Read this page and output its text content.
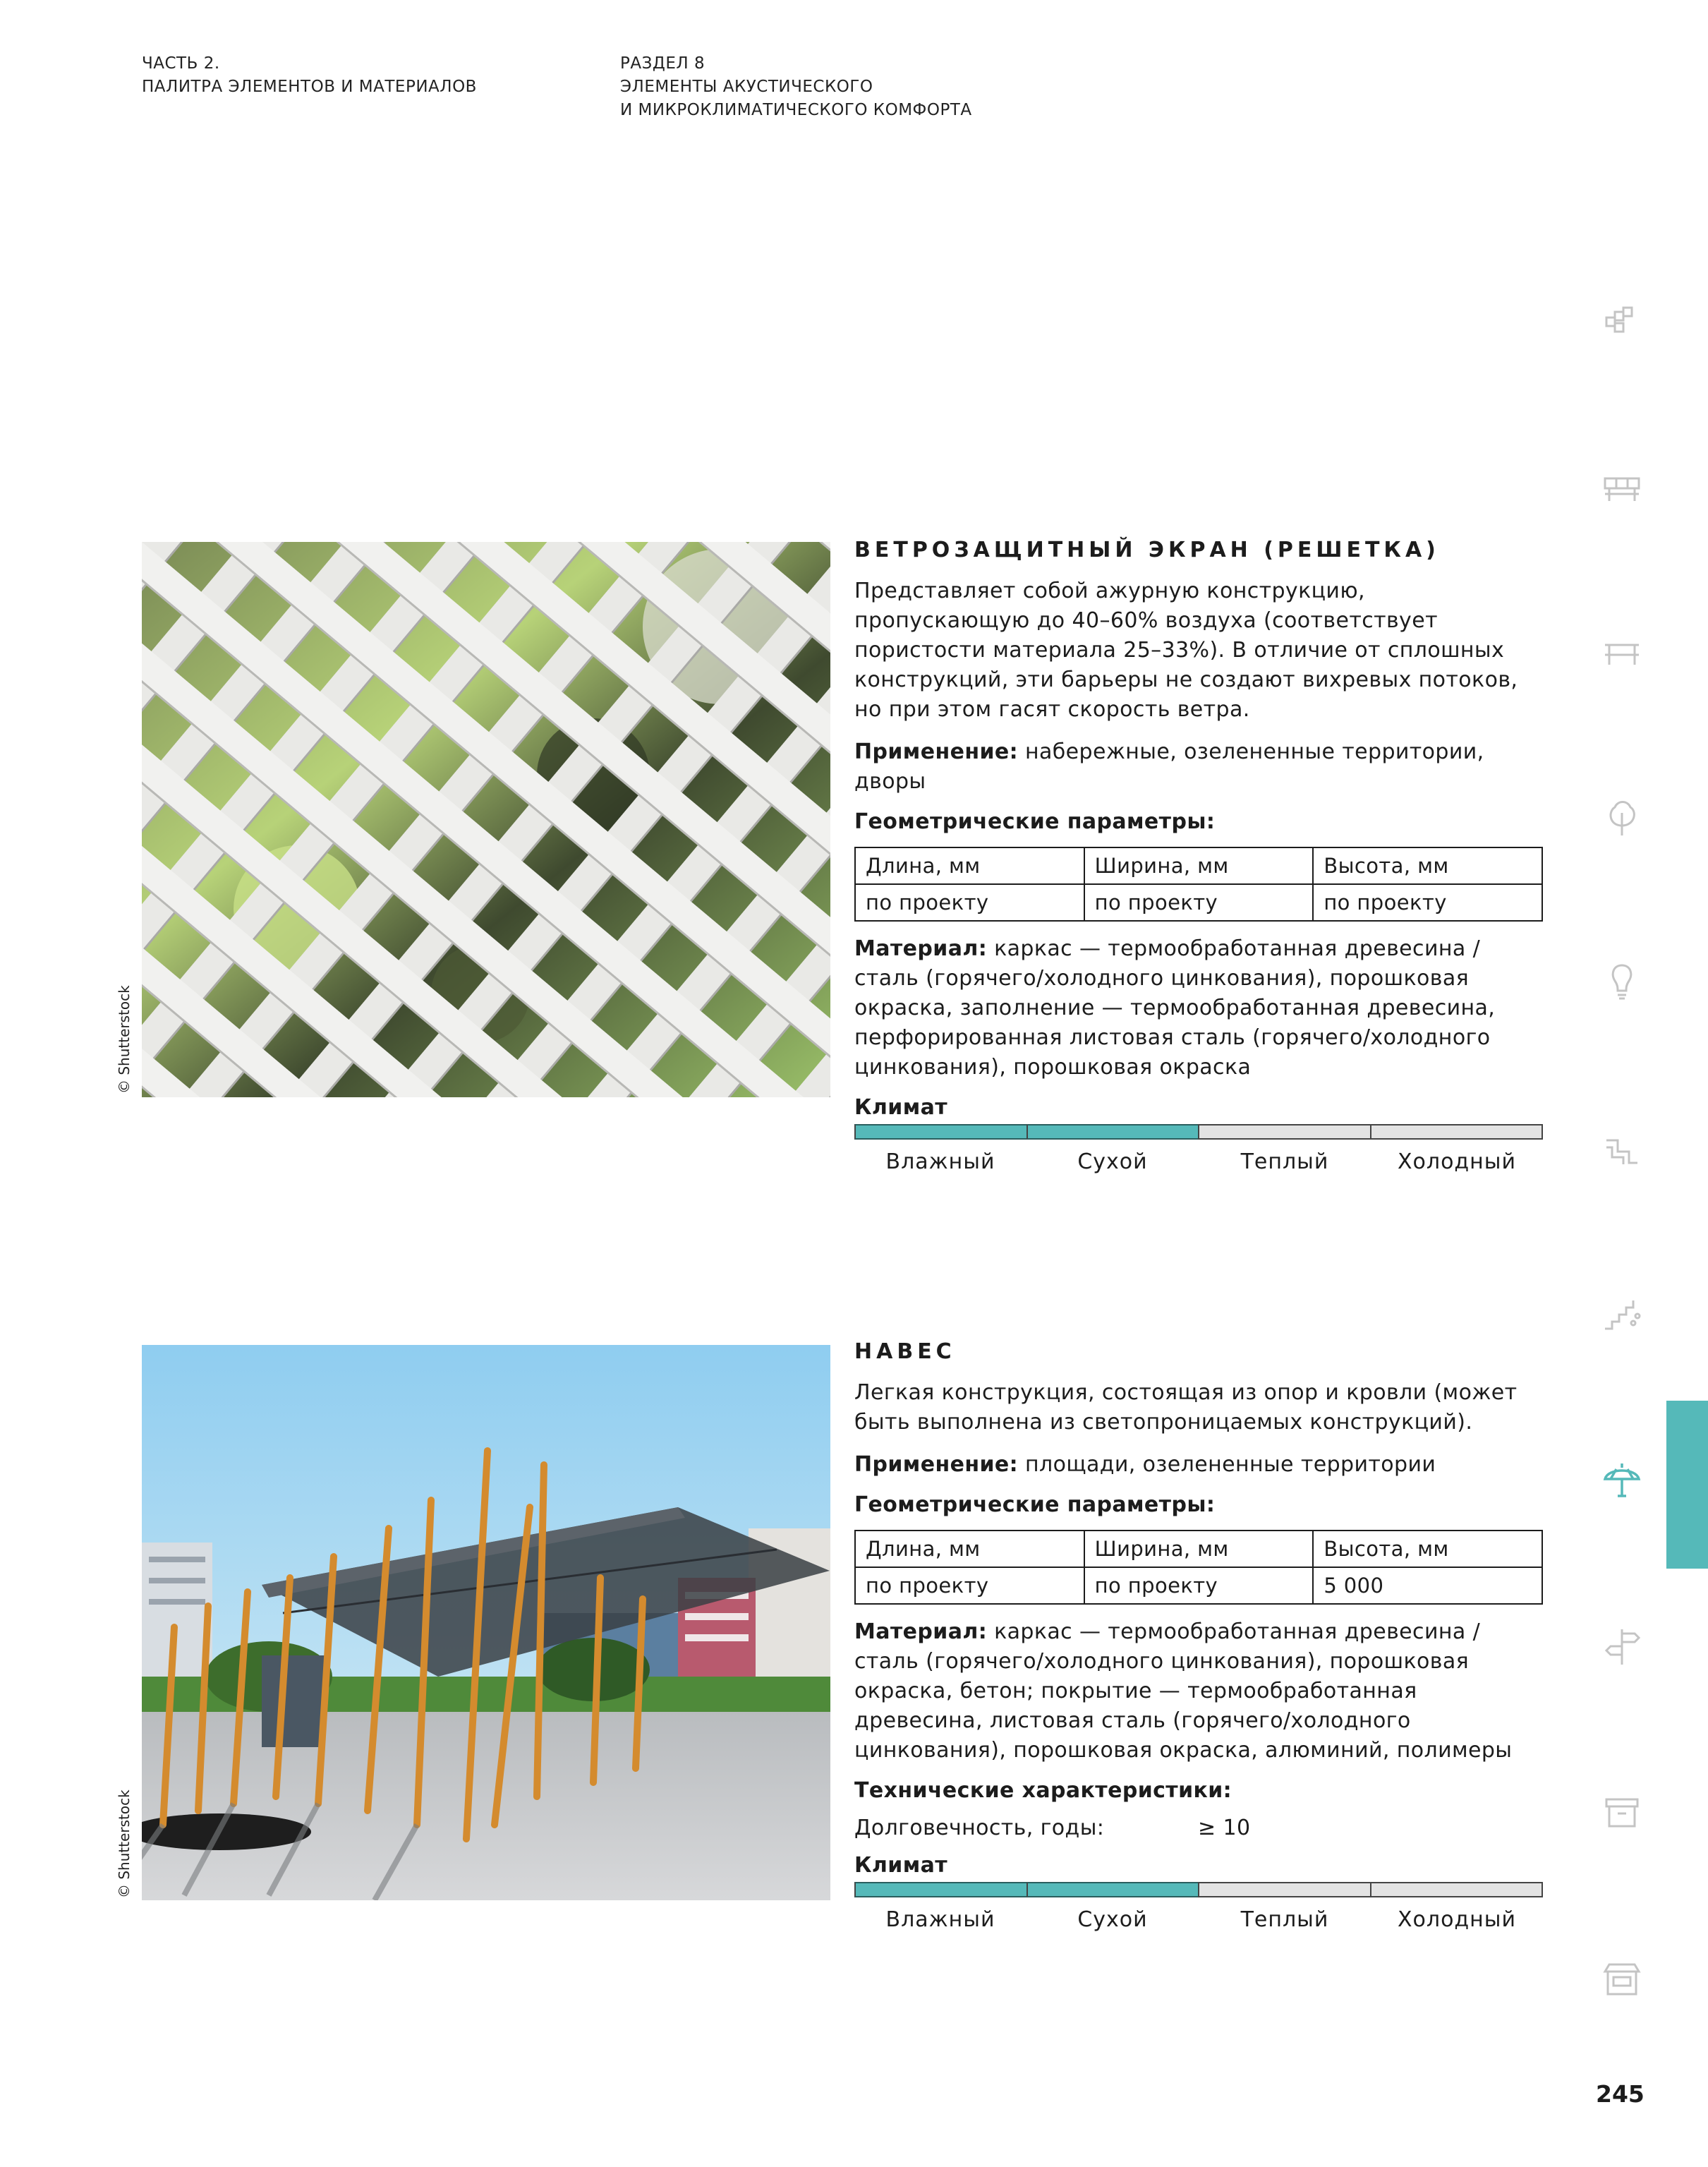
ЧАСТЬ 2.
ПАЛИТРА ЭЛЕМЕНТОВ И МАТЕРИАЛОВ
РАЗДЕЛ 8
ЭЛЕМЕНТЫ АКУСТИЧЕСКОГО
И МИКРОКЛИМАТИЧЕСКОГО КОМФОРТА
© Shutterstock
ВЕТРОЗАЩИТНЫЙ ЭКРАН (РЕШЕТКА)

Представляет собой ажурную конструкцию, пропускающую до 40–60% воздуха (соответствует пористости материала 25–33%). В отличие от сплошных конструкций, эти барьеры не создают вихревых потоков, но при этом гасят скорость ветра.

Применение: набережные, озелененные территории, дворы

Геометрические параметры:
Длина, мм	Ширина, мм	Высота, мм
по проекту	по проекту	по проекту

Материал: каркас — термообработанная древесина / сталь (горячего/холодного цинкования), порошковая окраска, заполнение — термообработанная древесина, перфорированная листовая сталь (горячего/холодного цинкования), порошковая окраска

Климат
Влажный	Сухой	Теплый	Холодный
© Shutterstock
НАВЕС

Легкая конструкция, состоящая из опор и кровли (может быть выполнена из светопроницаемых конструкций).

Применение: площади, озелененные территории

Геометрические параметры:
Длина, мм	Ширина, мм	Высота, мм
по проекту	по проекту	5 000

Материал: каркас — термообработанная древесина / сталь (горячего/холодного цинкования), порошковая окраска, бетон; покрытие — термообработанная древесина, листовая сталь (горячего/холодного цинкования), порошковая окраска, алюминий, полимеры

Технические характеристики:
Долговечность, годы:	≥ 10
Климат
Влажный	Сухой	Теплый	Холодный
245
